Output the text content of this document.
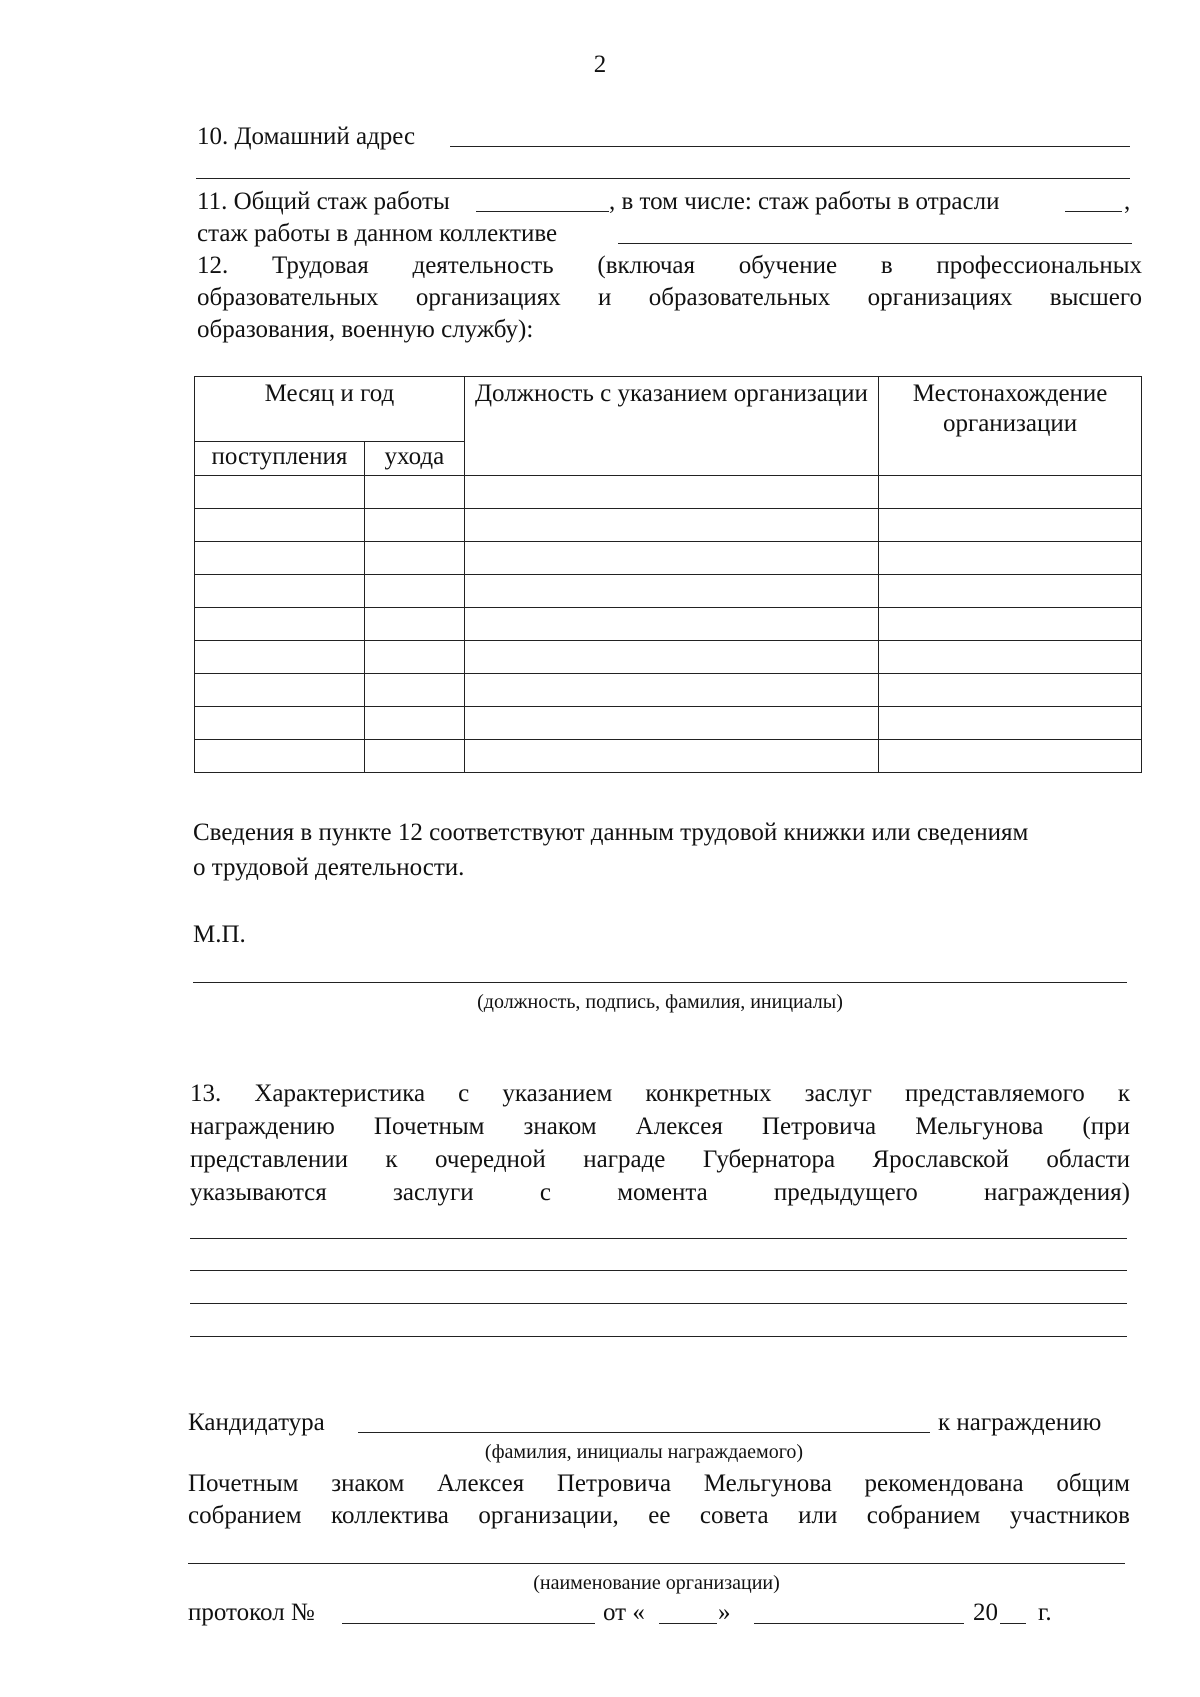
2
10. Домашний адрес
11. Общий стаж работы	, в том числе: стаж работы в отрасли	,
стаж работы в данном коллективе
12. Трудовая деятельность (включая обучение в профессиональных
образовательных организациях и образовательных организациях высшего
образования, военную службу):
Месяц и год		Должность с указанием организации	Местонахождение организации
поступления	ухода		

Сведения в пункте 12 соответствуют данным трудовой книжки или сведениям
о трудовой деятельности.
М.П.
(должность, подпись, фамилия, инициалы)
13. Характеристика с указанием конкретных заслуг представляемого к
награждению Почетным знаком Алексея Петровича Мельгунова (при
представлении к очередной награде Губернатора Ярославской области
указываются заслуги с момента предыдущего награждения)
Кандидатура	к награждению
(фамилия, инициалы награждаемого)
Почетным знаком Алексея Петровича Мельгунова рекомендована общим
собранием коллектива организации, ее совета или собранием участников
(наименование организации)
протокол №	от «	»	20 г.
